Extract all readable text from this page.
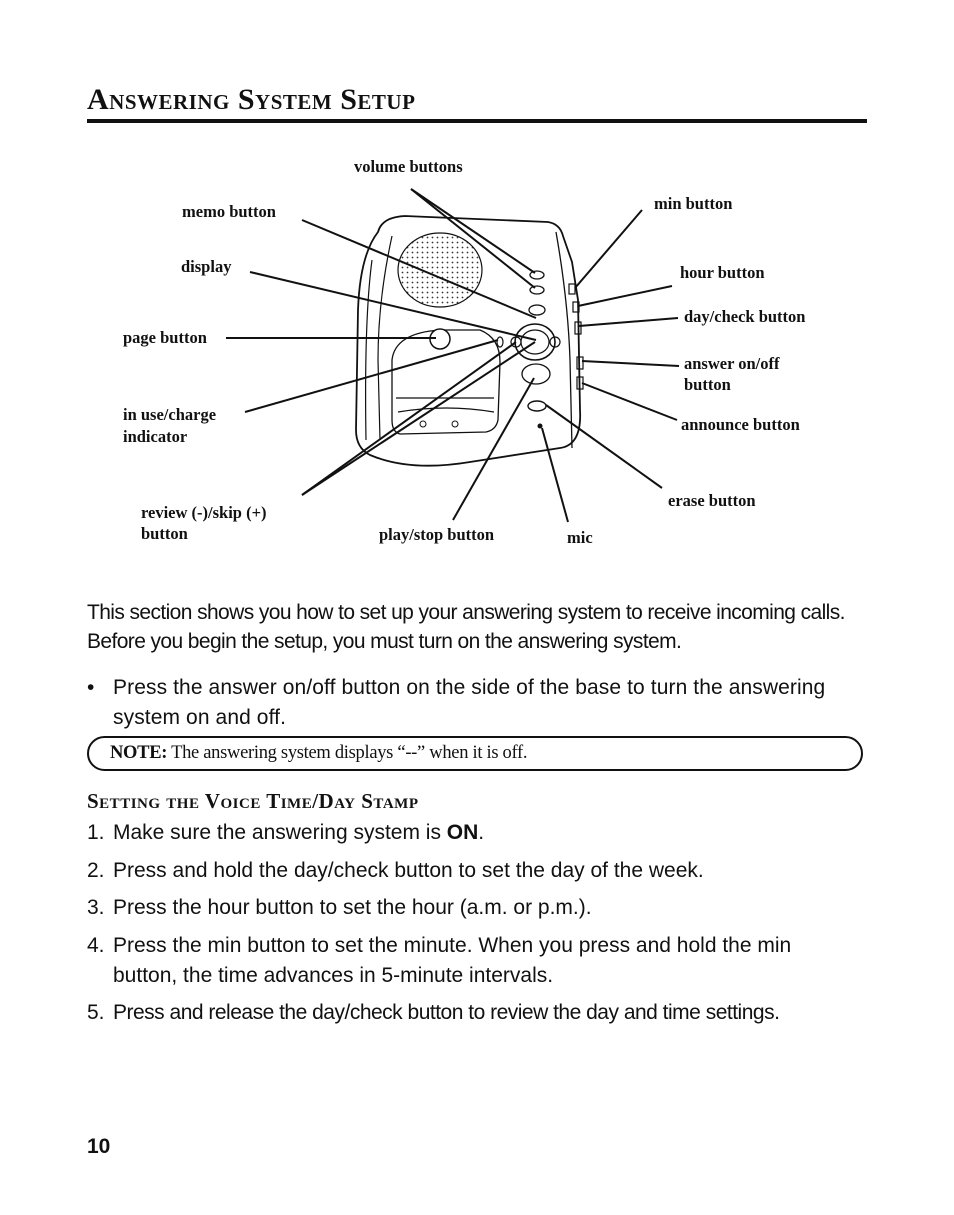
Answering System Setup
volume buttons
memo button
display
page button
in use/charge
indicator
review (-)/skip (+)
button	play/stop button	mic
min button
hour button
day/check button
answer on/off
button
announce button
erase button
This section shows you how to set up your answering system to receive incoming calls. Before you begin the setup, you must turn on the answering system.
• Press the answer on/off button on the side of the base to turn the answering system on and off.
NOTE: The answering system displays “--” when it is off.
Setting the Voice Time/Day Stamp
1. Make sure the answering system is ON.
2. Press and hold the day/check button to set the day of the week.
3. Press the hour button to set the hour (a.m. or p.m.).
4. Press the min button to set the minute. When you press and hold the min button, the time advances in 5-minute intervals.
5. Press and release the day/check button to review the day and time settings.
10
